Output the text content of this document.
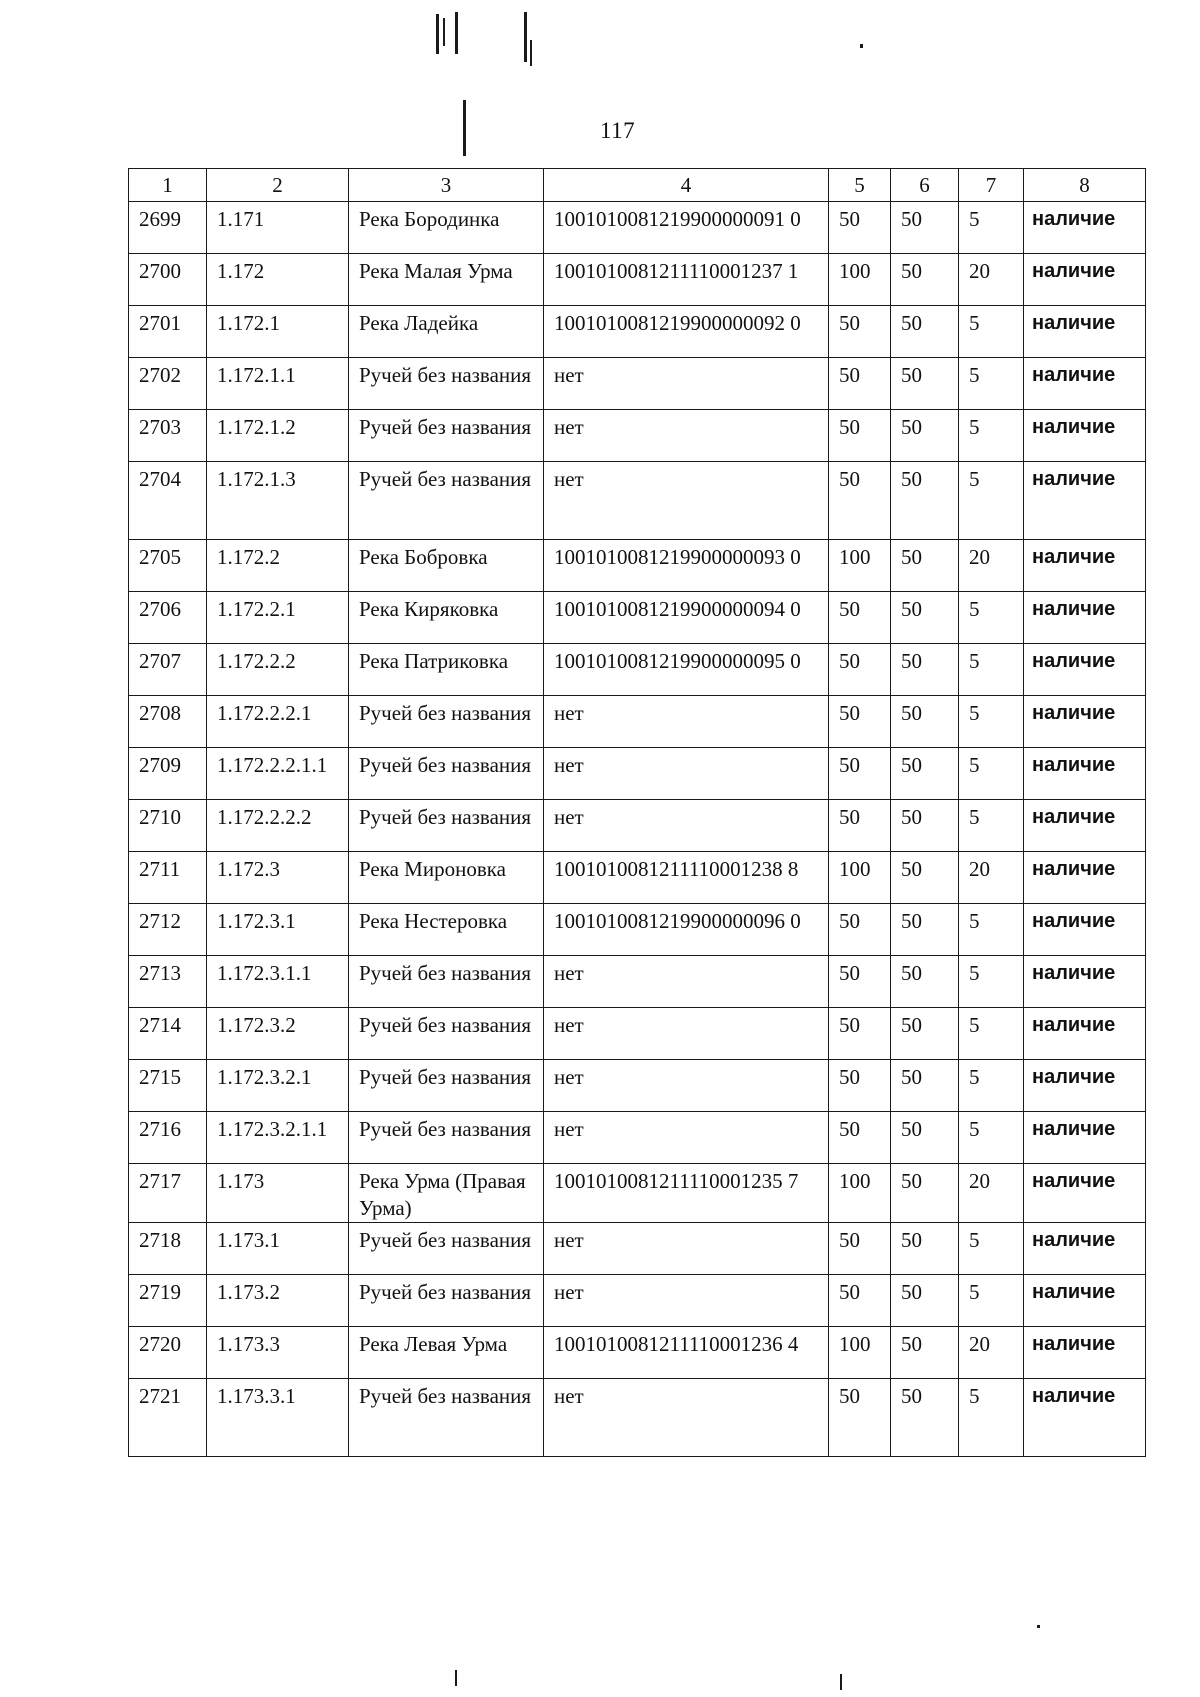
117
1	2	3	4	5	6	7	8
2699	1.171	Река Бородинка	1001010081219900000091 0	50	50	5	наличие
2700	1.172	Река Малая Урма	1001010081211110001237 1	100	50	20	наличие
2701	1.172.1	Река Ладейка	1001010081219900000092 0	50	50	5	наличие
2702	1.172.1.1	Ручей без названия	нет	50	50	5	наличие
2703	1.172.1.2	Ручей без названия	нет	50	50	5	наличие
2704	1.172.1.3	Ручей без названия	нет	50	50	5	наличие
2705	1.172.2	Река Бобровка	1001010081219900000093 0	100	50	20	наличие
2706	1.172.2.1	Река Киряковка	1001010081219900000094 0	50	50	5	наличие
2707	1.172.2.2	Река Патриковка	1001010081219900000095 0	50	50	5	наличие
2708	1.172.2.2.1	Ручей без названия	нет	50	50	5	наличие
2709	1.172.2.2.1.1	Ручей без названия	нет	50	50	5	наличие
2710	1.172.2.2.2	Ручей без названия	нет	50	50	5	наличие
2711	1.172.3	Река Мироновка	1001010081211110001238 8	100	50	20	наличие
2712	1.172.3.1	Река Нестеровка	1001010081219900000096 0	50	50	5	наличие
2713	1.172.3.1.1	Ручей без названия	нет	50	50	5	наличие
2714	1.172.3.2	Ручей без названия	нет	50	50	5	наличие
2715	1.172.3.2.1	Ручей без названия	нет	50	50	5	наличие
2716	1.172.3.2.1.1	Ручей без названия	нет	50	50	5	наличие
2717	1.173	Река Урма (Правая Урма)	1001010081211110001235 7	100	50	20	наличие
2718	1.173.1	Ручей без названия	нет	50	50	5	наличие
2719	1.173.2	Ручей без названия	нет	50	50	5	наличие
2720	1.173.3	Река Левая Урма	1001010081211110001236 4	100	50	20	наличие
2721	1.173.3.1	Ручей без названия	нет	50	50	5	наличие
